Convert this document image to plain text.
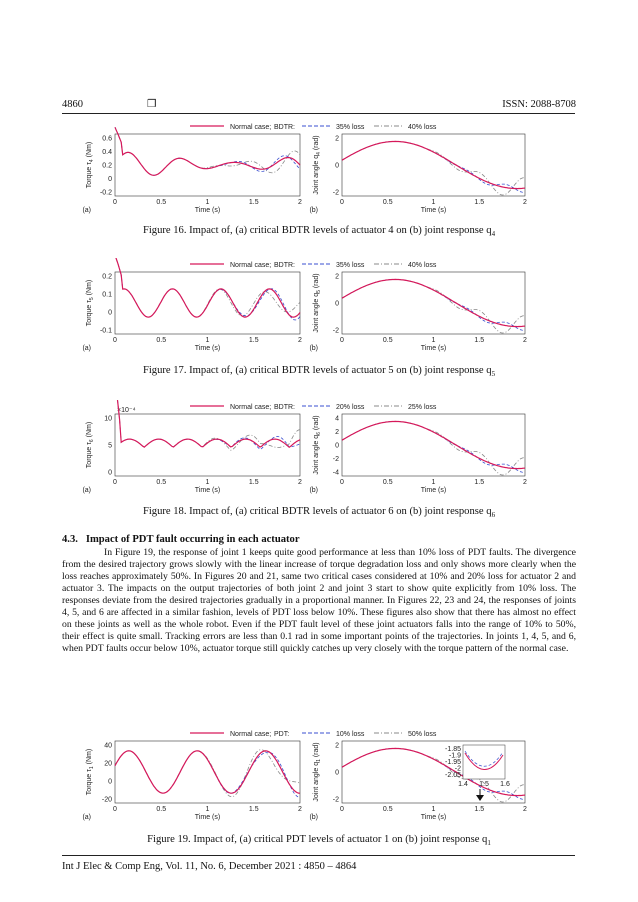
4860	❒	ISSN: 2088-8708
Normal case; BDTR:	35% loss	40% loss
0.6
0.4
0.2
0
-0.2
0	0.5	1	1.5	2
Time (s)
(a)
Torque $\tau_4$ (Nm)
2
0
-2
0	0.5	1	1.5	2
Time (s)
(b)
Joint angle $q_4$ (rad)
Figure 16. Impact of, (a) critical BDTR levels of actuator 4 on (b) joint response $q_4$
Normal case; BDTR:	35% loss	40% loss
0.2
0.1
0
-0.1
0	0.5	1	1.5	2
Time (s)
(a)
Torque $\tau_5$ (Nm)
2
0
-2
0	0.5	1	1.5	2
Time (s)
(b)
Joint angle $q_5$ (rad)
Figure 17. Impact of, (a) critical BDTR levels of actuator 5 on (b) joint response $q_5$
Normal case; BDTR:	20% loss	25% loss
10
5
0
0	0.5	1	1.5	2
Time (s)
(a)
Torque $\tau_6$ (Nm)
×10⁻⁴
4
2
0
-2
-4
0	0.5	1	1.5	2
Time (s)
(b)
Joint angle $q_6$ (rad)
Figure 18. Impact of, (a) critical BDTR levels of actuator 6 on (b) joint response $q_6$
4.3. Impact of PDT fault occurring in each actuator
In Figure 19, the response of joint 1 keeps quite good performance at less than 10% loss of PDT faults. The divergence from the desired trajectory grows slowly with the linear increase of torque degradation loss and only shows more clearly when the loss reaches approximately 50%. In Figures 20 and 21, same two critical cases considered at 10% and 20% loss for actuator 2 and actuator 3. The impacts on the output trajectories of both joint 2 and joint 3 start to show quite explicitly from 10% loss. The responses deviate from the desired trajectories gradually in a proportional manner. In Figures 22, 23 and 24, the responses of joints 4, 5, and 6 are affected in a similar fashion, levels of PDT loss below 10%. These figures also show that there has almost no effect on these joints as well as the whole robot. Even if the PDT fault level of these joint actuators falls into the range of 10% to 50%, their effect is quite small. Tracking errors are less than 0.1 rad in some important points of the trajectories. In joints 1, 4, 5, and 6, when PDT faults occur below 10%, actuator torque still quickly catches up very closely with the torque pattern of the normal case.
Normal case; PDT:	10% loss	50% loss
40
20
0
-20
0	0.5	1	1.5	2
Time (s)
(a)
Torque $\tau_1$ (Nm)
2
0
-2
0	0.5	1	1.5	2
Time (s)
(b)
Joint angle $q_1$ (rad)	-1.85
-1.9
-1.95
-2
-2.05
1.4 1.5 1.6
Figure 19. Impact of, (a) critical PDT levels of actuator 1 on (b) joint response $q_1$
Int J Elec & Comp Eng, Vol. 11, No. 6, December 2021 : 4850 – 4864
